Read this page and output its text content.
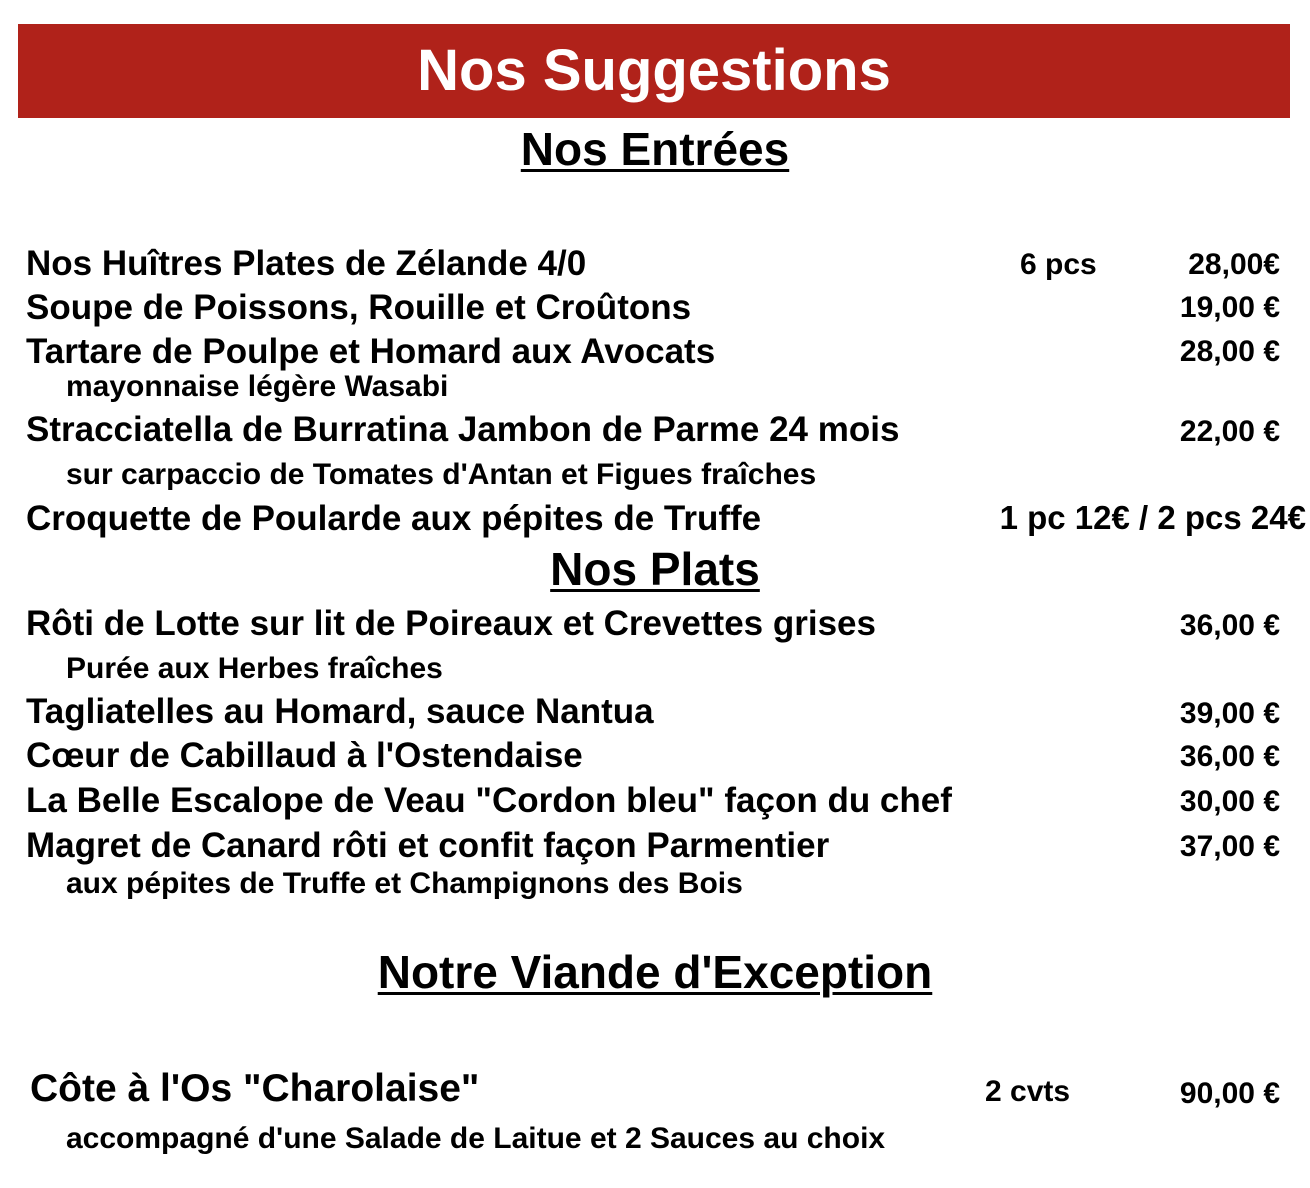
Nos Suggestions
Nos Entrées
Nos Huîtres Plates de Zélande 4/0	6 pcs	28,00€
Soupe de Poissons, Rouille et Croûtons	19,00 €
Tartare de Poulpe et Homard aux Avocats	28,00 €
mayonnaise légère Wasabi
Stracciatella de Burratina Jambon de Parme 24 mois	22,00 €
sur carpaccio de Tomates d'Antan et Figues fraîches
Croquette de Poularde aux pépites de Truffe	1 pc 12€ / 2 pcs 24€
Nos Plats
Rôti de Lotte sur lit de Poireaux et Crevettes grises	36,00 €
Purée aux Herbes fraîches
Tagliatelles au Homard, sauce Nantua	39,00 €
Cœur de Cabillaud à l'Ostendaise	36,00 €
La Belle Escalope de Veau "Cordon bleu" façon du chef	30,00 €
Magret de Canard rôti et confit façon Parmentier	37,00 €
aux pépites de Truffe et Champignons des Bois
Notre Viande d'Exception
Côte à l'Os "Charolaise"	2 cvts	90,00 €
accompagné d'une Salade de Laitue et 2 Sauces au choix
